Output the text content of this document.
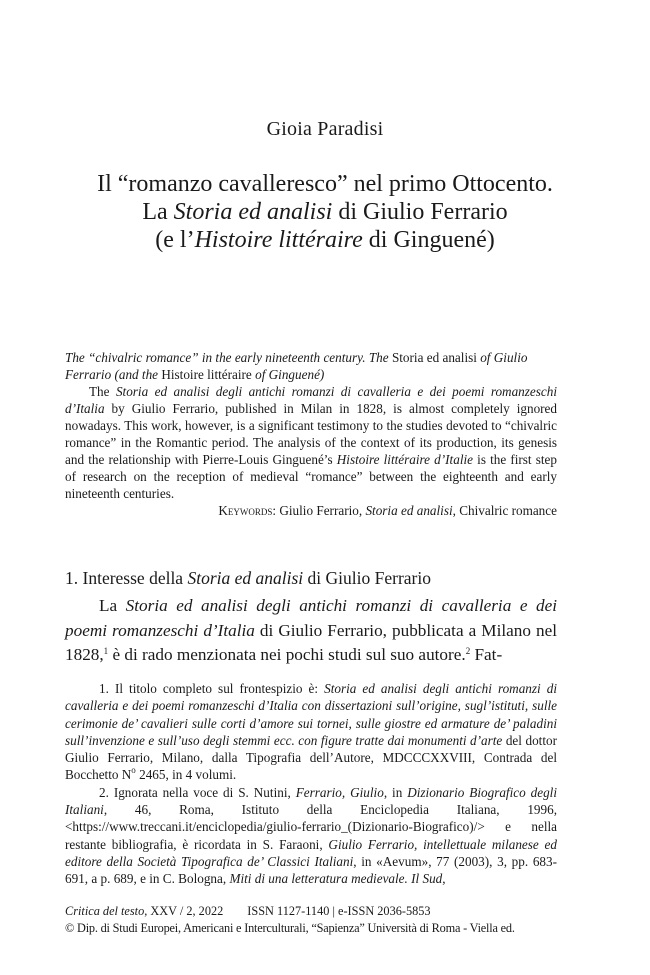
Gioia Paradisi
Il “romanzo cavalleresco” nel primo Ottocento.
La Storia ed analisi di Giulio Ferrario
(e l’Histoire littéraire di Ginguené)

The “chivalric romance” in the early nineteenth century. The Storia ed analisi of Giulio Ferrario (and the Histoire littéraire of Ginguené)

The Storia ed analisi degli antichi romanzi di cavalleria e dei poemi romanzeschi d’Italia by Giulio Ferrario, published in Milan in 1828, is almost completely ignored nowadays. This work, however, is a significant testimony to the studies devoted to “chivalric romance” in the Romantic period. The analysis of the context of its production, its genesis and the relationship with Pierre-Louis Ginguené’s Histoire littéraire d’Italie is the first step of research on the reception of medieval “romance” between the eighteenth and early nineteenth centuries.

Keywords: Giulio Ferrario, Storia ed analisi, Chivalric romance

1. Interesse della Storia ed analisi di Giulio Ferrario

La Storia ed analisi degli antichi romanzi di cavalleria e dei poemi romanzeschi d’Italia di Giulio Ferrario, pubblicata a Milano nel 1828,$^1$ è di rado menzionata nei pochi studi sul suo autore.$^2$ Fat-

1. Il titolo completo sul frontespizio è: Storia ed analisi degli antichi romanzi di cavalleria e dei poemi romanzeschi d’Italia con dissertazioni sull’origine, sugl’istituti, sulle cerimonie de’ cavalieri sulle corti d’amore sui tornei, sulle giostre ed armature de’ paladini sull’invenzione e sull’uso degli stemmi ecc. con figure tratte dai monumenti d’arte del dottor Giulio Ferrario, Milano, dalla Tipografia dell’Autore, MDCCCXXVIII, Contrada del Bocchetto $N^o$ 2465, in 4 volumi.

2. Ignorata nella voce di S. Nutini, Ferrario, Giulio, in Dizionario Biografico degli Italiani, 46, Roma, Istituto della Enciclopedia Italiana, 1996, <https://www.treccani.it/enciclopedia/giulio-ferrario_(Dizionario-Biografico)/> e nella restante bibliografia, è ricordata in S. Faraoni, Giulio Ferrario, intellettuale milanese ed editore della Società Tipografica de’ Classici Italiani, in «Aevum», 77 (2003), 3, pp. 683-691, a p. 689, e in C. Bologna, Miti di una letteratura medievale. Il Sud,

Critica del testo, XXV / 2, 2022 ISSN 1127-1140 | e-ISSN 2036-5853
© Dip. di Studi Europei, Americani e Interculturali, “Sapienza” Università di Roma - Viella ed.
